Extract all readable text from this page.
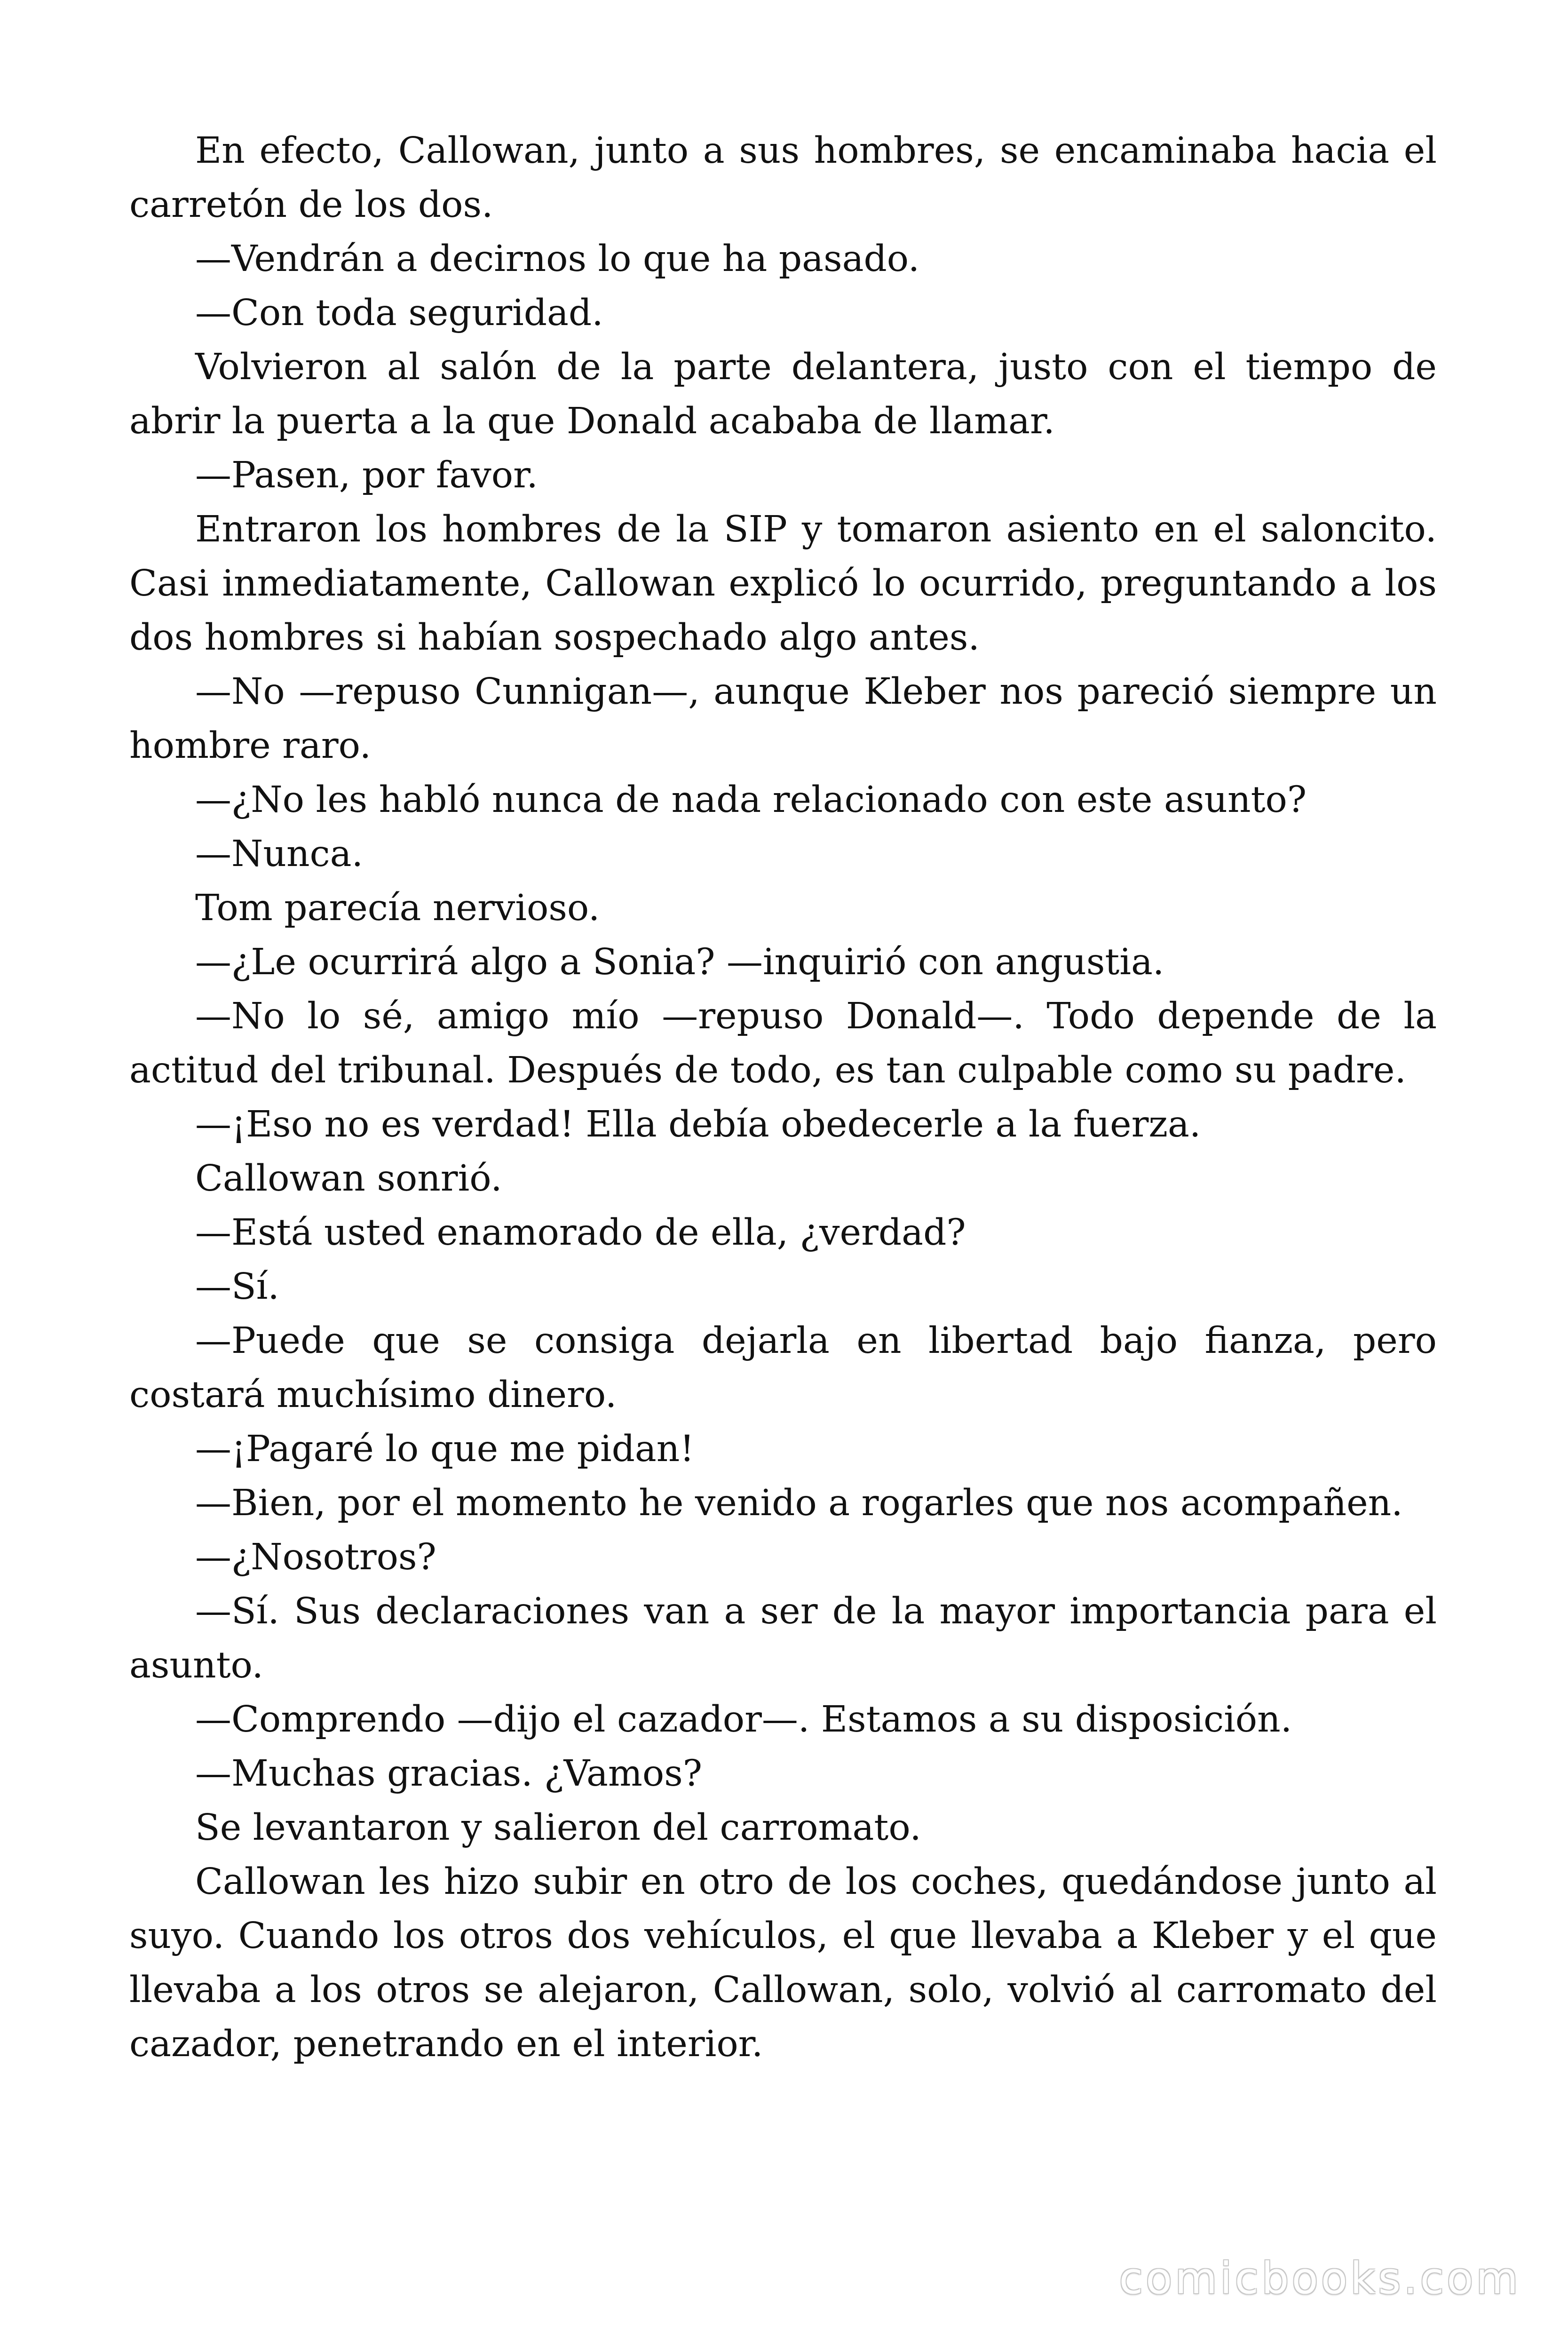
En efecto, Callowan, junto a sus hombres, se encaminaba hacia el carretón de los dos.

—Vendrán a decirnos lo que ha pasado.

—Con toda seguridad.

Volvieron al salón de la parte delantera, justo con el tiempo de abrir la puerta a la que Donald acababa de llamar.

—Pasen, por favor.

Entraron los hombres de la SIP y tomaron asiento en el saloncito. Casi inmediatamente, Callowan explicó lo ocurrido, preguntando a los dos hombres si habían sospechado algo antes.

—No —repuso Cunnigan—, aunque Kleber nos pareció siempre un hombre raro.

—¿No les habló nunca de nada relacionado con este asunto?

—Nunca.

Tom parecía nervioso.

—¿Le ocurrirá algo a Sonia? —inquirió con angustia.

—No lo sé, amigo mío —repuso Donald—. Todo depende de la actitud del tribunal. Después de todo, es tan culpable como su padre.

—¡Eso no es verdad! Ella debía obedecerle a la fuerza.

Callowan sonrió.

—Está usted enamorado de ella, ¿verdad?

—Sí.

—Puede que se consiga dejarla en libertad bajo fianza, pero costará muchísimo dinero.

—¡Pagaré lo que me pidan!

—Bien, por el momento he venido a rogarles que nos acompañen.

—¿Nosotros?

—Sí. Sus declaraciones van a ser de la mayor importancia para el asunto.

—Comprendo —dijo el cazador—. Estamos a su disposición.

—Muchas gracias. ¿Vamos?

Se levantaron y salieron del carromato.

Callowan les hizo subir en otro de los coches, quedándose junto al suyo. Cuando los otros dos vehículos, el que llevaba a Kleber y el que llevaba a los otros se alejaron, Callowan, solo, volvió al carromato del cazador, penetrando en el interior.

comicbooks.com
